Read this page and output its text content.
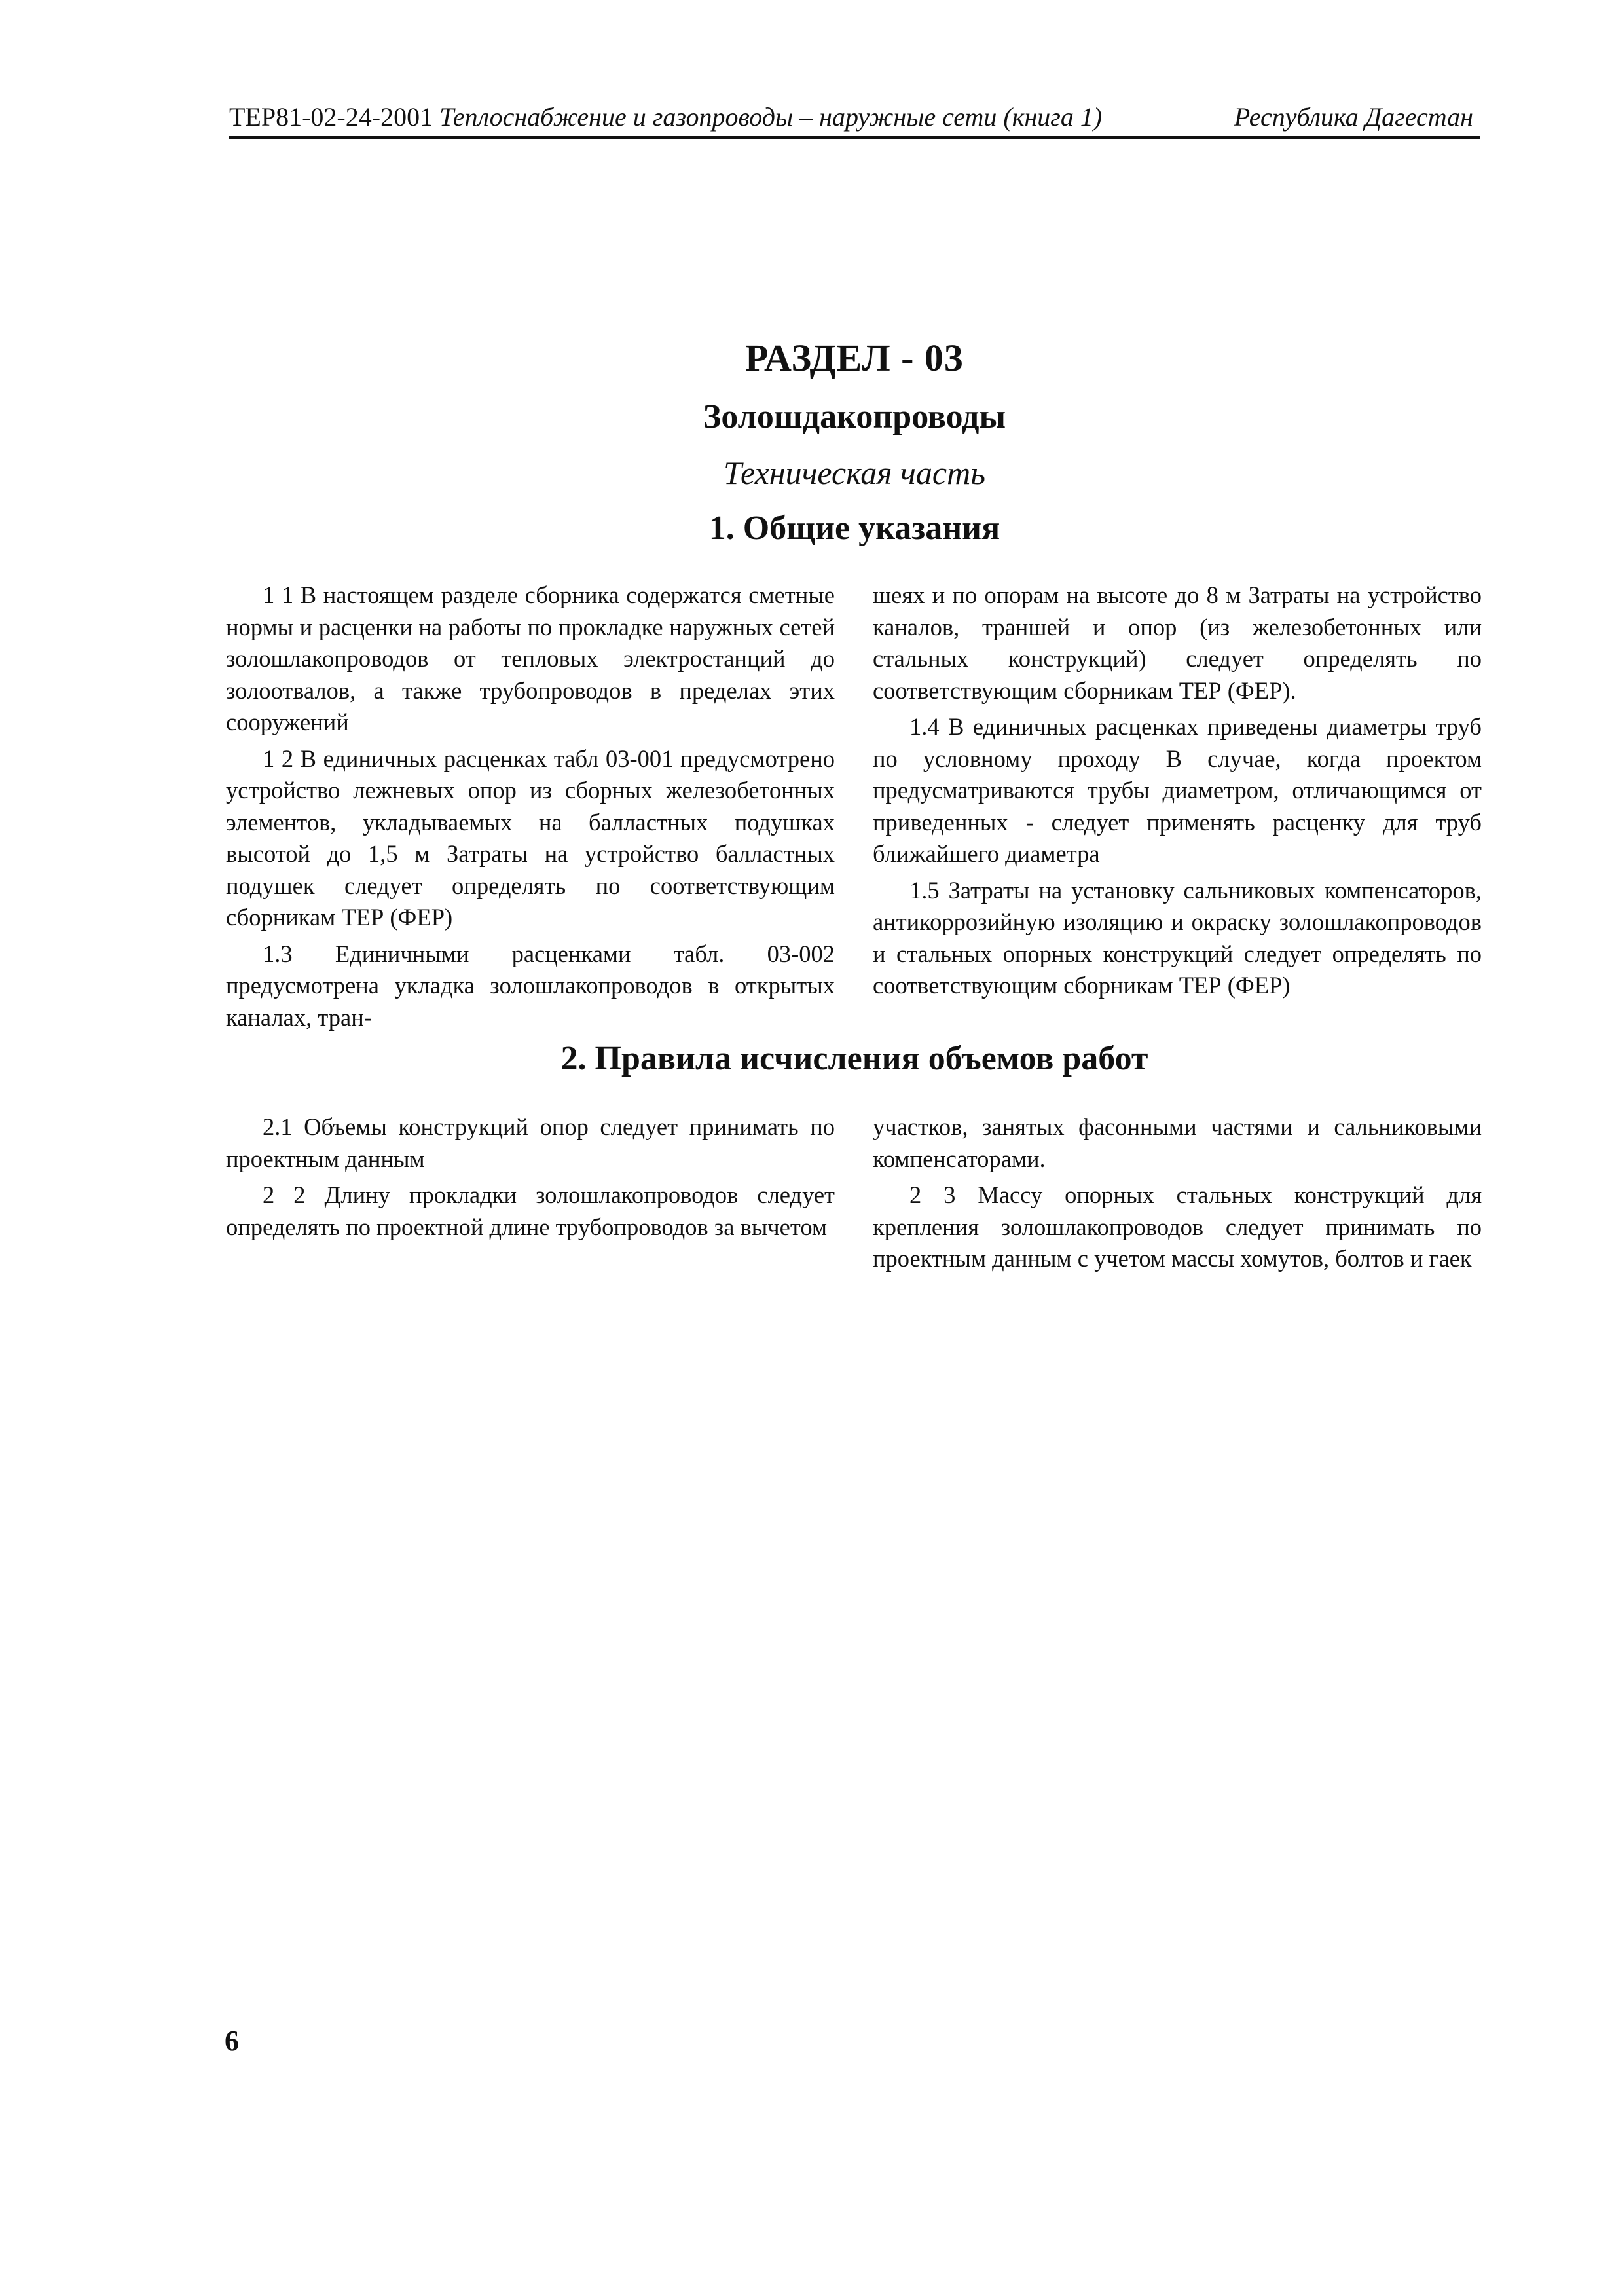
ТЕР81-02-24-2001 Теплоснабжение и газопроводы – наружные сети (книга 1)	Республика Дагестан
РАЗДЕЛ - 03
Золошдакопроводы
Техническая часть
1. Общие указания

1 1 В настоящем разделе сборника содержатся сметные нормы и расценки на работы по прокладке наружных сетей золошлакопроводов от тепловых электростанций до золоотвалов, а также трубопроводов в пределах этих сооружений

1 2 В единичных расценках табл 03-001 предусмотрено устройство лежневых опор из сборных железобетонных элементов, укладываемых на балластных подушках высотой до 1,5 м Затраты на устройство балластных подушек следует определять по соответствующим сборникам ТЕР (ФЕР)

1.3 Единичными расценками табл. 03-002 предусмотрена укладка золошлакопроводов в открытых каналах, тран-

шеях и по опорам на высоте до 8 м Затраты на устройство каналов, траншей и опор (из железобетонных или стальных конструкций) следует определять по соответствующим сборникам ТЕР (ФЕР).

1.4 В единичных расценках приведены диаметры труб по условному проходу В случае, когда проектом предусматриваются трубы диаметром, отличающимся от приведенных - следует применять расценку для труб ближайшего диаметра

1.5 Затраты на установку сальниковых компенсаторов, антикоррозийную изоляцию и окраску золошлакопроводов и стальных опорных конструкций следует определять по соответствующим сборникам ТЕР (ФЕР)

2. Правила исчисления объемов работ

2.1 Объемы конструкций опор следует принимать по проектным данным

2 2 Длину прокладки золошлакопроводов следует определять по проектной длине трубопроводов за вычетом

участков, занятых фасонными частями и сальниковыми компенсаторами.

2 3 Массу опорных стальных конструкций для крепления золошлакопроводов следует принимать по проектным данным с учетом массы хомутов, болтов и гаек

6
